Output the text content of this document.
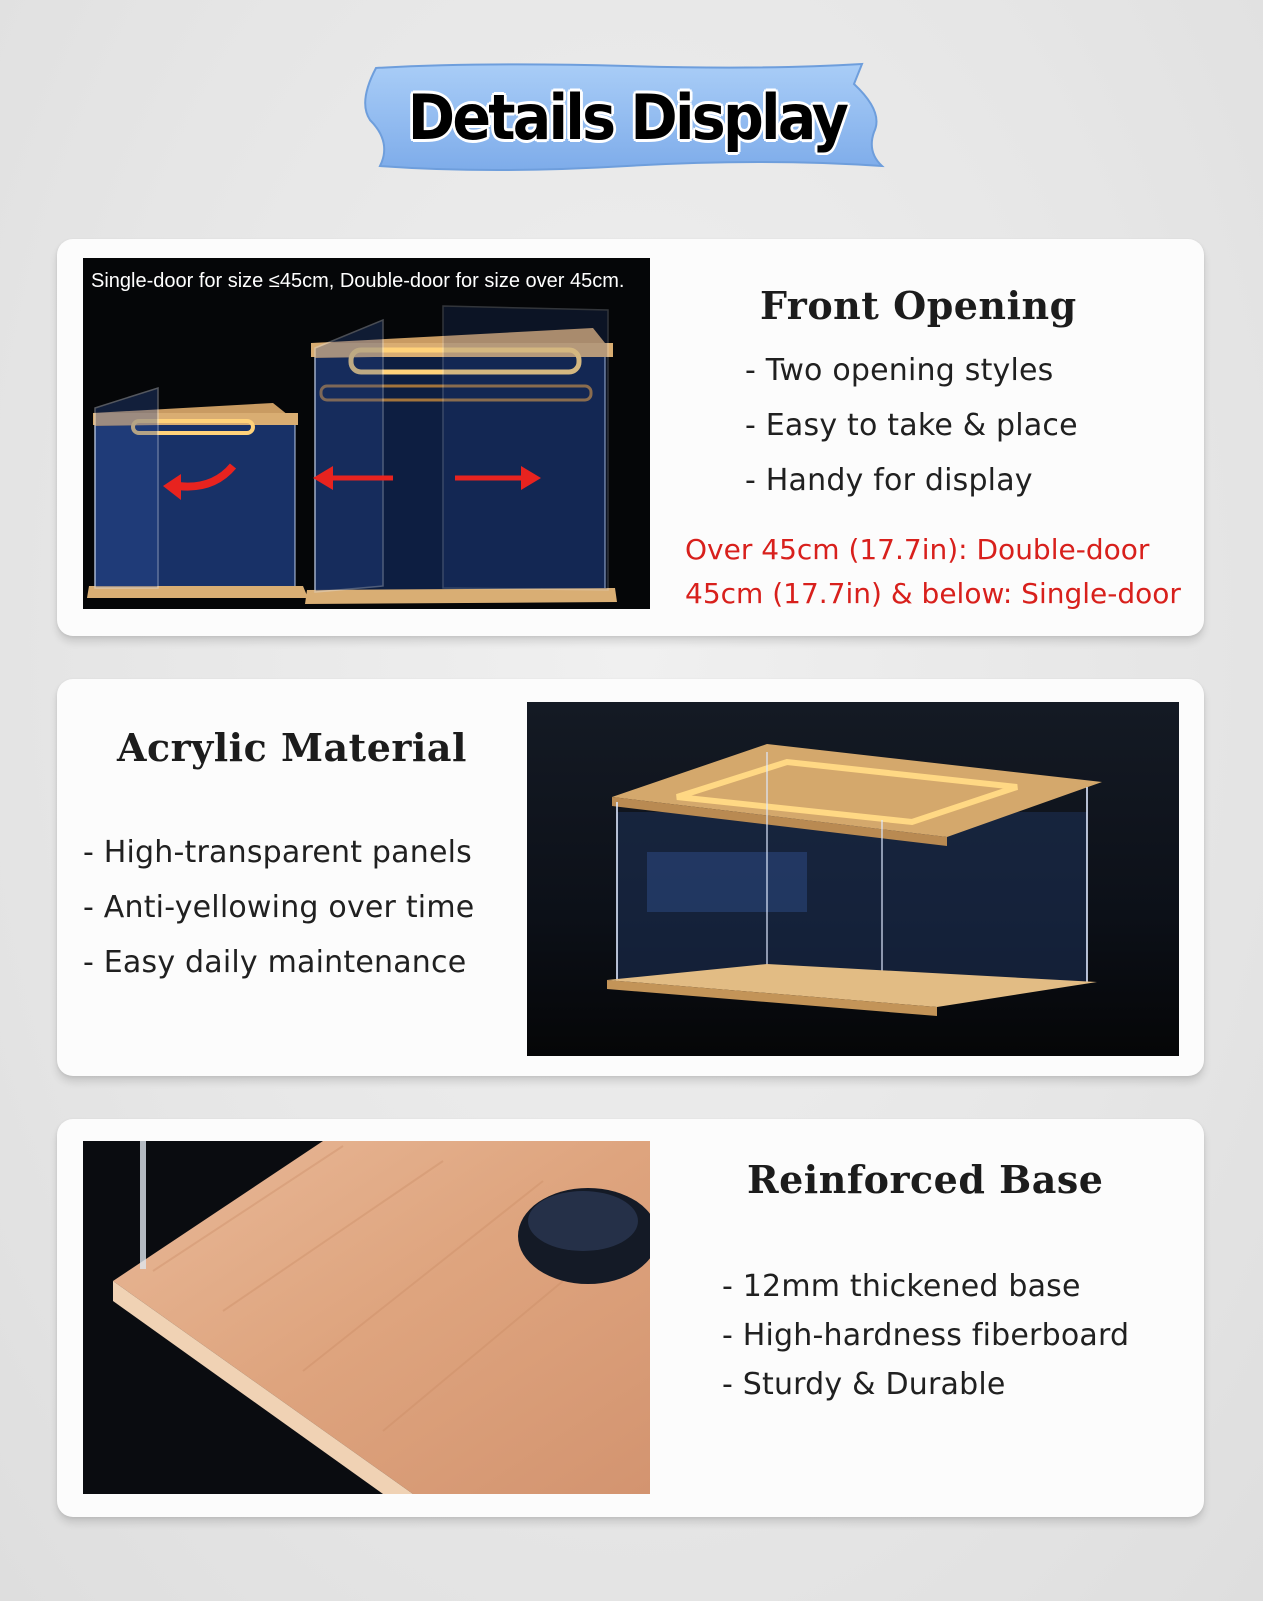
Details Display
Single-door for size ≤45cm, Double-door for size over 45cm.
Front Opening
- Two opening styles
- Easy to take & place
- Handy for display
Over 45cm (17.7in): Double-door
45cm (17.7in) & below: Single-door
Acrylic Material
- High-transparent panels
- Anti-yellowing over time
- Easy daily maintenance
Reinforced Base
- 12mm thickened base
- High-hardness fiberboard
- Sturdy & Durable
